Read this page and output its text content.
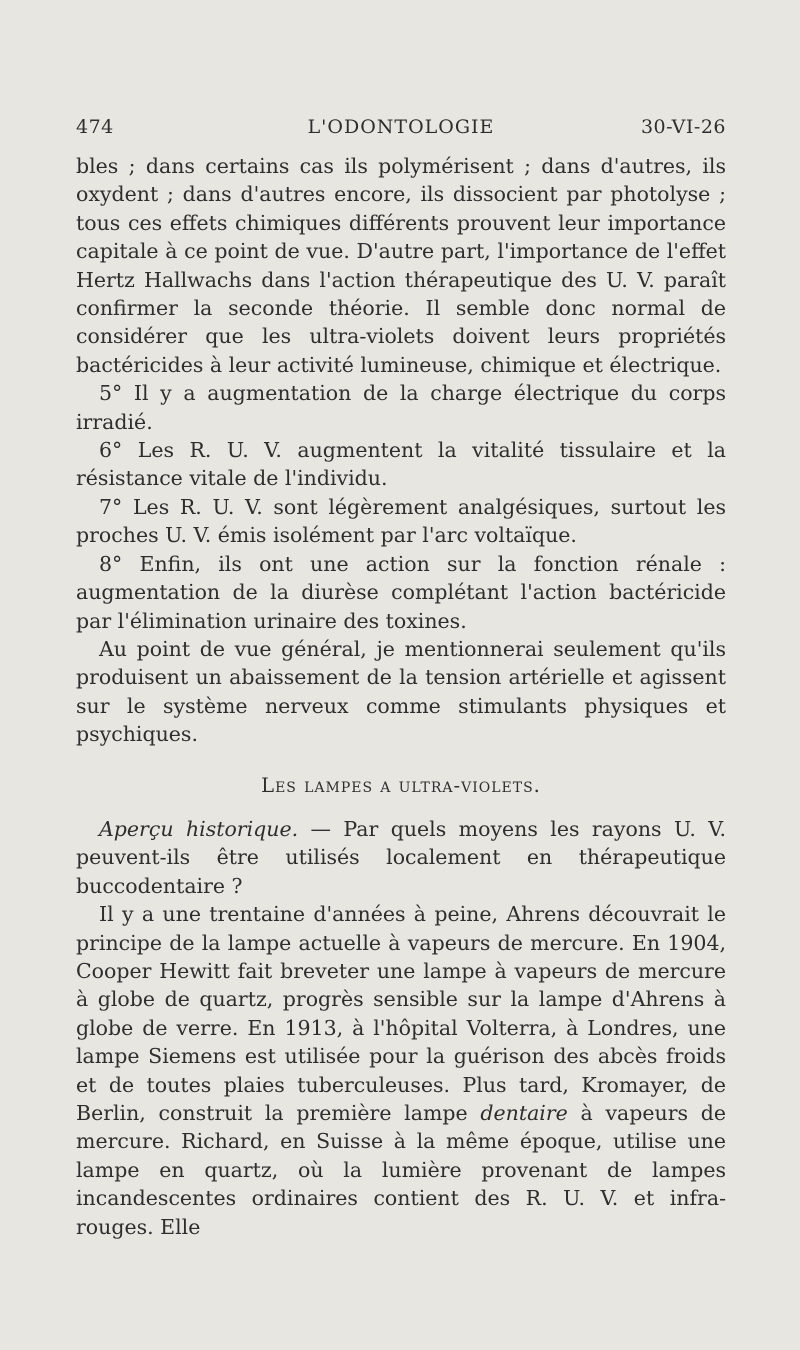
474	L'ODONTOLOGIE	30-VI-26

bles ; dans certains cas ils polymérisent ; dans d'autres, ils oxydent ; dans d'autres encore, ils dissocient par photolyse ; tous ces effets chimiques différents prouvent leur importance capitale à ce point de vue. D'autre part, l'importance de l'effet Hertz Hallwachs dans l'action thérapeutique des U. V. paraît confirmer la seconde théorie. Il semble donc normal de considérer que les ultra-violets doivent leurs propriétés bactéricides à leur activité lumineuse, chimique et électrique.

5° Il y a augmentation de la charge électrique du corps irradié.

6° Les R. U. V. augmentent la vitalité tissulaire et la résistance vitale de l'individu.

7° Les R. U. V. sont légèrement analgésiques, surtout les proches U. V. émis isolément par l'arc voltaïque.

8° Enfin, ils ont une action sur la fonction rénale : augmentation de la diurèse complétant l'action bactéricide par l'élimination urinaire des toxines.

Au point de vue général, je mentionnerai seulement qu'ils produisent un abaissement de la tension artérielle et agissent sur le système nerveux comme stimulants physiques et psychiques.

Les lampes a ultra-violets.

Aperçu historique. — Par quels moyens les rayons U. V. peuvent-ils être utilisés localement en thérapeutique buccodentaire ?

Il y a une trentaine d'années à peine, Ahrens découvrait le principe de la lampe actuelle à vapeurs de mercure. En 1904, Cooper Hewitt fait breveter une lampe à vapeurs de mercure à globe de quartz, progrès sensible sur la lampe d'Ahrens à globe de verre. En 1913, à l'hôpital Volterra, à Londres, une lampe Siemens est utilisée pour la guérison des abcès froids et de toutes plaies tuberculeuses. Plus tard, Kromayer, de Berlin, construit la première lampe dentaire à vapeurs de mercure. Richard, en Suisse à la même époque, utilise une lampe en quartz, où la lumière provenant de lampes incandescentes ordinaires contient des R. U. V. et infra-rouges. Elle
